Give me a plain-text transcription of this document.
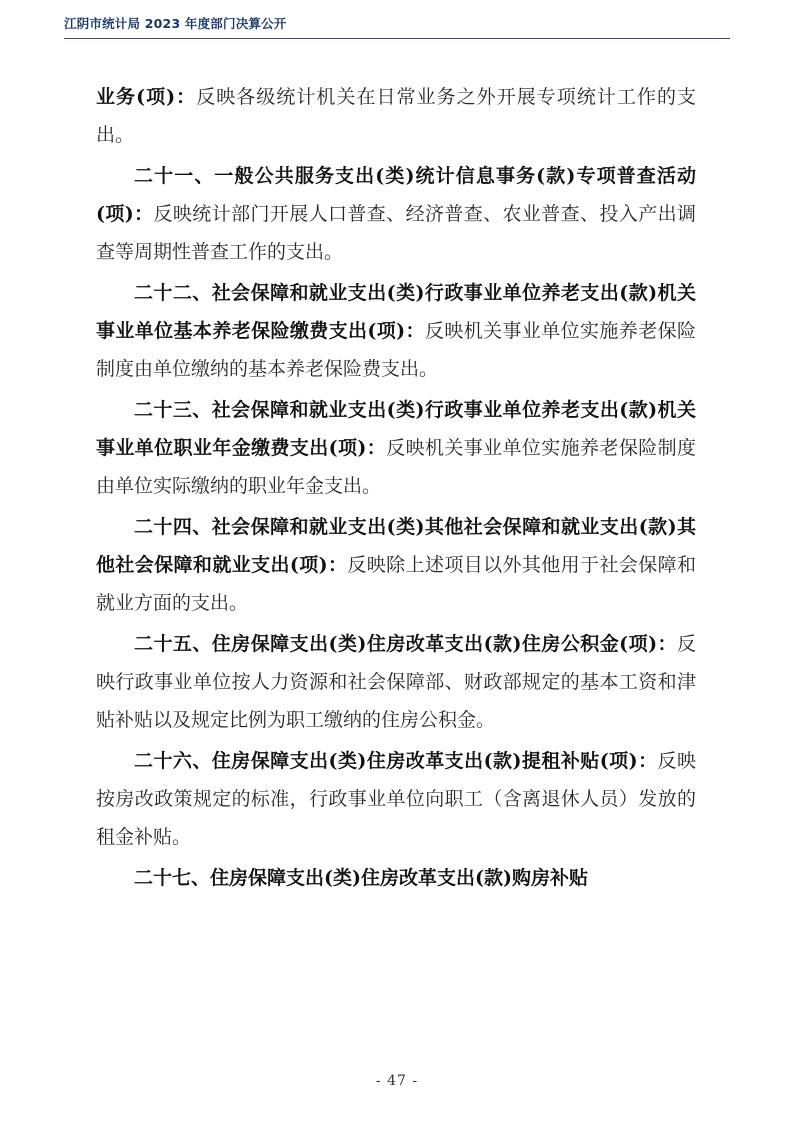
江阴市统计局 2023 年度部门决算公开

业务(项)：反映各级统计机关在日常业务之外开展专项统计工作的支出。

二十一、一般公共服务支出(类)统计信息事务(款)专项普查活动(项)：反映统计部门开展人口普查、经济普查、农业普查、投入产出调查等周期性普查工作的支出。

二十二、社会保障和就业支出(类)行政事业单位养老支出(款)机关事业单位基本养老保险缴费支出(项)：反映机关事业单位实施养老保险制度由单位缴纳的基本养老保险费支出。

二十三、社会保障和就业支出(类)行政事业单位养老支出(款)机关事业单位职业年金缴费支出(项)：反映机关事业单位实施养老保险制度由单位实际缴纳的职业年金支出。

二十四、社会保障和就业支出(类)其他社会保障和就业支出(款)其他社会保障和就业支出(项)：反映除上述项目以外其他用于社会保障和就业方面的支出。

二十五、住房保障支出(类)住房改革支出(款)住房公积金(项)：反映行政事业单位按人力资源和社会保障部、财政部规定的基本工资和津贴补贴以及规定比例为职工缴纳的住房公积金。

二十六、住房保障支出(类)住房改革支出(款)提租补贴(项)：反映按房改政策规定的标准，行政事业单位向职工（含离退休人员）发放的租金补贴。

二十七、住房保障支出(类)住房改革支出(款)购房补贴

- 47 -
